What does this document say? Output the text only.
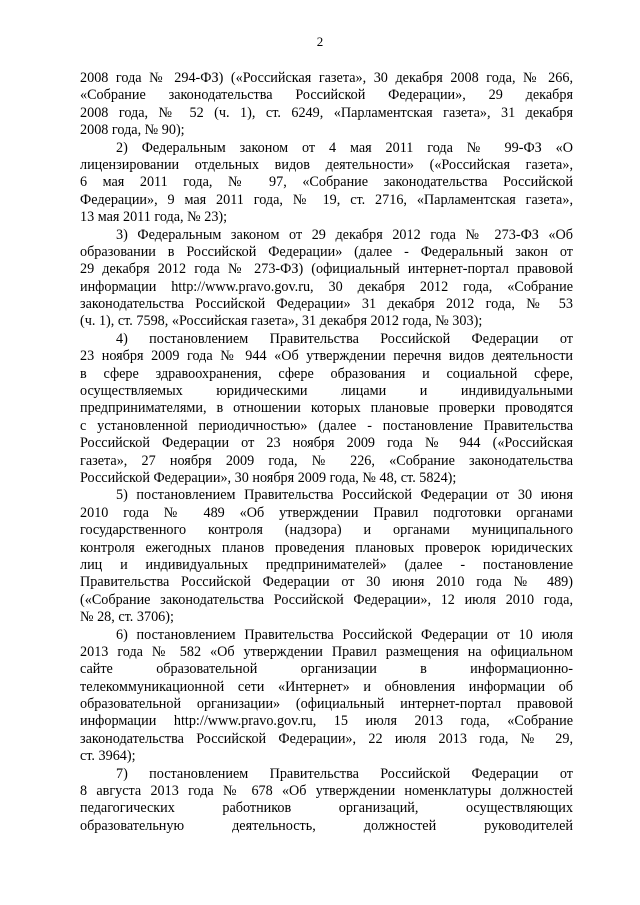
2

2008 года № 294-ФЗ) («Российская газета», 30 декабря 2008 года, № 266,
«Собрание законодательства Российской Федерации», 29 декабря
2008 года, № 52 (ч. 1), ст. 6249, «Парламентская газета», 31 декабря
2008 года, № 90);

2) Федеральным законом от 4 мая 2011 года № 99-ФЗ «О
лицензировании отдельных видов деятельности» («Российская газета»,
6 мая 2011 года, № 97, «Собрание законодательства Российской
Федерации», 9 мая 2011 года, № 19, ст. 2716, «Парламентская газета»,
13 мая 2011 года, № 23);

3) Федеральным законом от 29 декабря 2012 года № 273-ФЗ «Об
образовании в Российской Федерации» (далее - Федеральный закон от
29 декабря 2012 года № 273-ФЗ) (официальный интернет-портал правовой
информации http://www.pravo.gov.ru, 30 декабря 2012 года, «Собрание
законодательства Российской Федерации» 31 декабря 2012 года, № 53
(ч. 1), ст. 7598, «Российская газета», 31 декабря 2012 года, № 303);

4) постановлением Правительства Российской Федерации от
23 ноября 2009 года № 944 «Об утверждении перечня видов деятельности
в сфере здравоохранения, сфере образования и социальной сфере,
осуществляемых юридическими лицами и индивидуальными
предпринимателями, в отношении которых плановые проверки проводятся
с установленной периодичностью» (далее - постановление Правительства
Российской Федерации от 23 ноября 2009 года № 944 («Российская
газета», 27 ноября 2009 года, № 226, «Собрание законодательства
Российской Федерации», 30 ноября 2009 года, № 48, ст. 5824);

5) постановлением Правительства Российской Федерации от 30 июня
2010 года № 489 «Об утверждении Правил подготовки органами
государственного контроля (надзора) и органами муниципального
контроля ежегодных планов проведения плановых проверок юридических
лиц и индивидуальных предпринимателей» (далее - постановление
Правительства Российской Федерации от 30 июня 2010 года № 489)
(«Собрание законодательства Российской Федерации», 12 июля 2010 года,
№ 28, ст. 3706);

6) постановлением Правительства Российской Федерации от 10 июля
2013 года № 582 «Об утверждении Правил размещения на официальном
сайте образовательной организации в информационно-
телекоммуникационной сети «Интернет» и обновления информации об
образовательной организации» (официальный интернет-портал правовой
информации http://www.pravo.gov.ru, 15 июля 2013 года, «Собрание
законодательства Российской Федерации», 22 июля 2013 года, № 29,
ст. 3964);

7) постановлением Правительства Российской Федерации от
8 августа 2013 года № 678 «Об утверждении номенклатуры должностей
педагогических работников организаций, осуществляющих
образовательную деятельность, должностей руководителей
